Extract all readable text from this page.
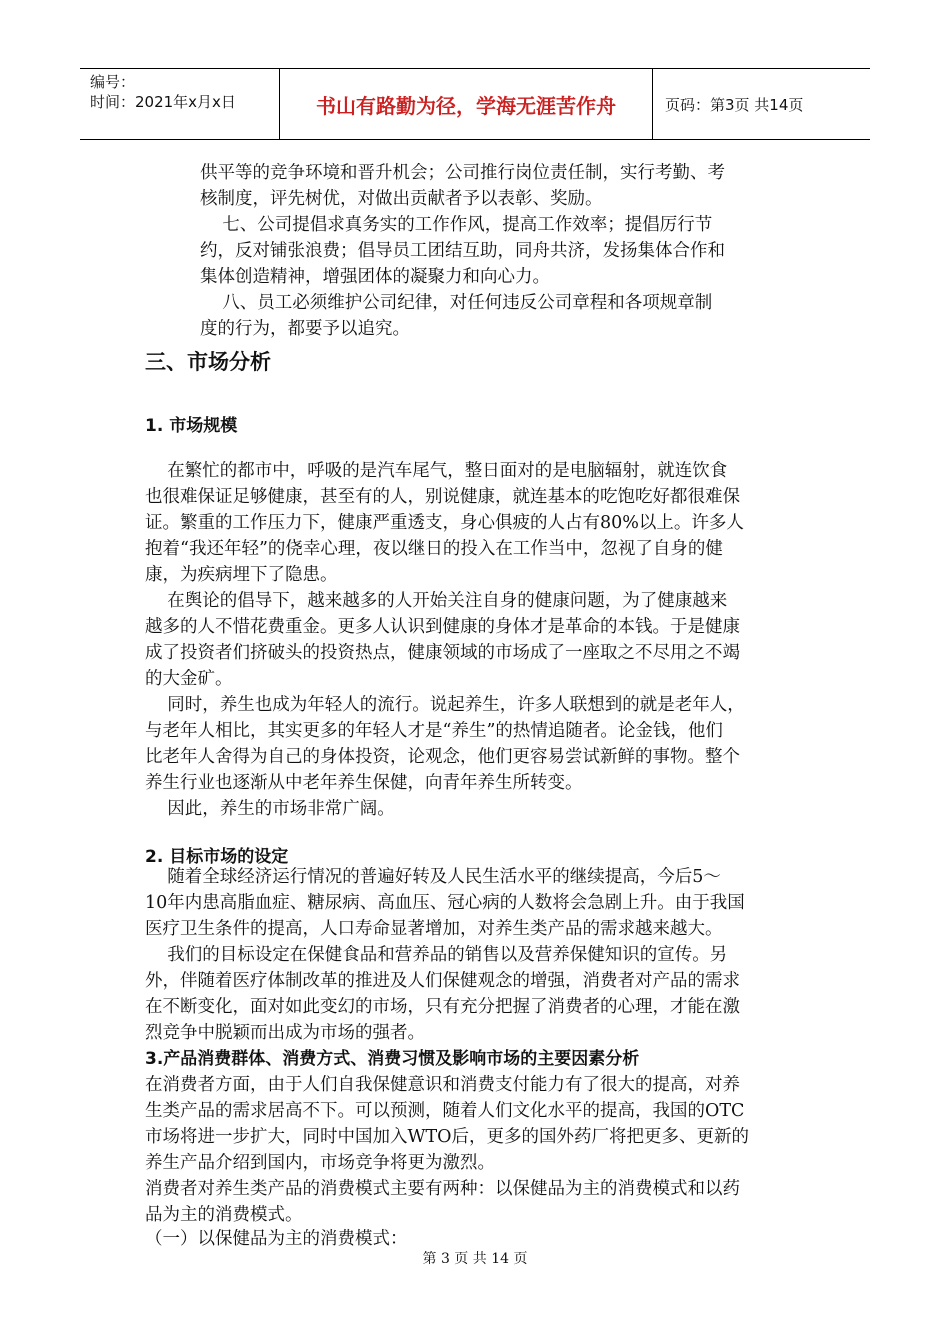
编号：
时间：2021年x月x日	书山有路勤为径，学海无涯苦作舟	页码：第3页 共14页

供平等的竞争环境和晋升机会；公司推行岗位责任制，实行考勤、考

核制度，评先树优，对做出贡献者予以表彰、奖励。

七、公司提倡求真务实的工作作风，提高工作效率；提倡厉行节

约，反对铺张浪费；倡导员工团结互助，同舟共济，发扬集体合作和

集体创造精神，增强团体的凝聚力和向心力。

八、员工必须维护公司纪律，对任何违反公司章程和各项规章制

度的行为，都要予以追究。

三、市场分析
1. 市场规模

在繁忙的都市中，呼吸的是汽车尾气，整日面对的是电脑辐射，就连饮食

也很难保证足够健康，甚至有的人，别说健康，就连基本的吃饱吃好都很难保

证。繁重的工作压力下，健康严重透支，身心俱疲的人占有80%以上。许多人

抱着“我还年轻”的侥幸心理，夜以继日的投入在工作当中，忽视了自身的健

康，为疾病埋下了隐患。

在舆论的倡导下，越来越多的人开始关注自身的健康问题，为了健康越来

越多的人不惜花费重金。更多人认识到健康的身体才是革命的本钱。于是健康

成了投资者们挤破头的投资热点，健康领域的市场成了一座取之不尽用之不竭

的大金矿。

同时，养生也成为年轻人的流行。说起养生，许多人联想到的就是老年人，

与老年人相比，其实更多的年轻人才是“养生”的热情追随者。论金钱，他们

比老年人舍得为自己的身体投资，论观念，他们更容易尝试新鲜的事物。整个

养生行业也逐渐从中老年养生保健，向青年养生所转变。

因此，养生的市场非常广阔。

2. 目标市场的设定

随着全球经济运行情况的普遍好转及人民生活水平的继续提高，今后5～

10年内患高脂血症、糖尿病、高血压、冠心病的人数将会急剧上升。由于我国

医疗卫生条件的提高，人口寿命显著增加，对养生类产品的需求越来越大。

我们的目标设定在保健食品和营养品的销售以及营养保健知识的宣传。另

外，伴随着医疗体制改革的推进及人们保健观念的增强，消费者对产品的需求

在不断变化，面对如此变幻的市场，只有充分把握了消费者的心理，才能在激

烈竞争中脱颖而出成为市场的强者。

3.产品消费群体、消费方式、消费习惯及影响市场的主要因素分析

在消费者方面，由于人们自我保健意识和消费支付能力有了很大的提高，对养

生类产品的需求居高不下。可以预测，随着人们文化水平的提高，我国的OTC

市场将进一步扩大，同时中国加入WTO后，更多的国外药厂将把更多、更新的

养生产品介绍到国内，市场竞争将更为激烈。

消费者对养生类产品的消费模式主要有两种：以保健品为主的消费模式和以药

品为主的消费模式。

（一）以保健品为主的消费模式：

第 3 页 共 14 页
